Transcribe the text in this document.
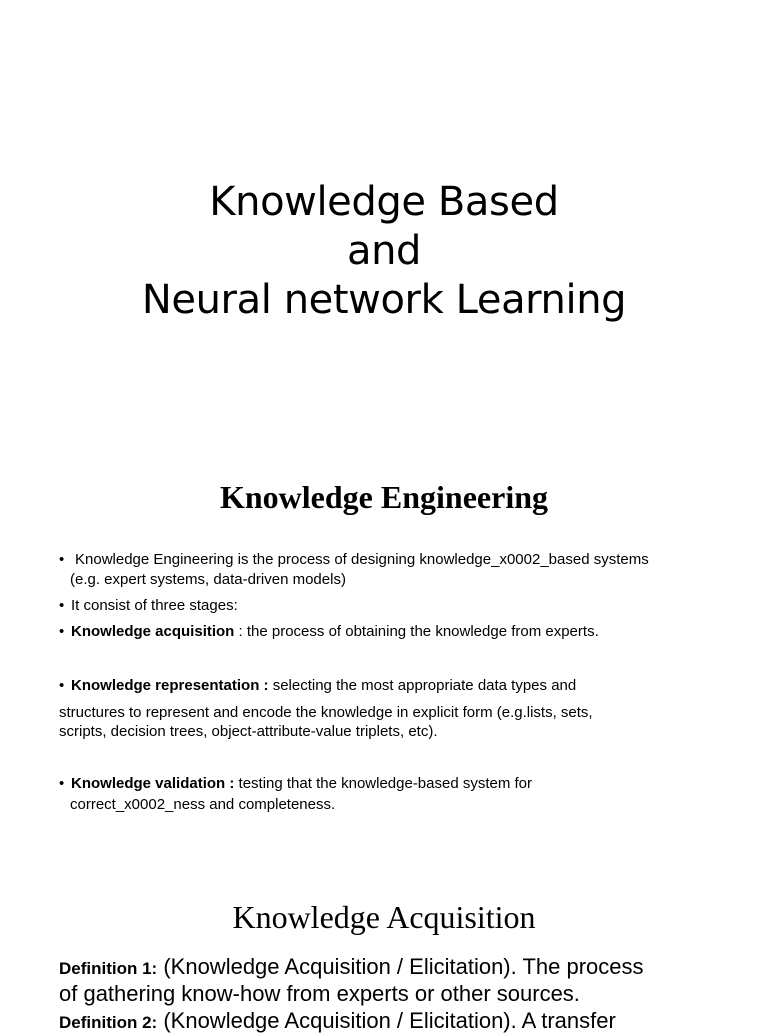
Knowledge Based
and
Neural network Learning
Knowledge Engineering
• Knowledge Engineering is the process of designing knowledge_x0002_based systems
(e.g. expert systems, data-driven models)
• It consist of three stages:
• Knowledge acquisition : the process of obtaining the knowledge from experts.
• Knowledge representation : selecting the most appropriate data types and
structures to represent and encode the knowledge in explicit form (e.g.lists, sets,
scripts, decision trees, object-attribute-value triplets, etc).
• Knowledge validation : testing that the knowledge-based system for
correct_x0002_ness and completeness.
Knowledge Acquisition
Definition 1: (Knowledge Acquisition / Elicitation). The process
of gathering know-how from experts or other sources.
Definition 2: (Knowledge Acquisition / Elicitation). A transfer
